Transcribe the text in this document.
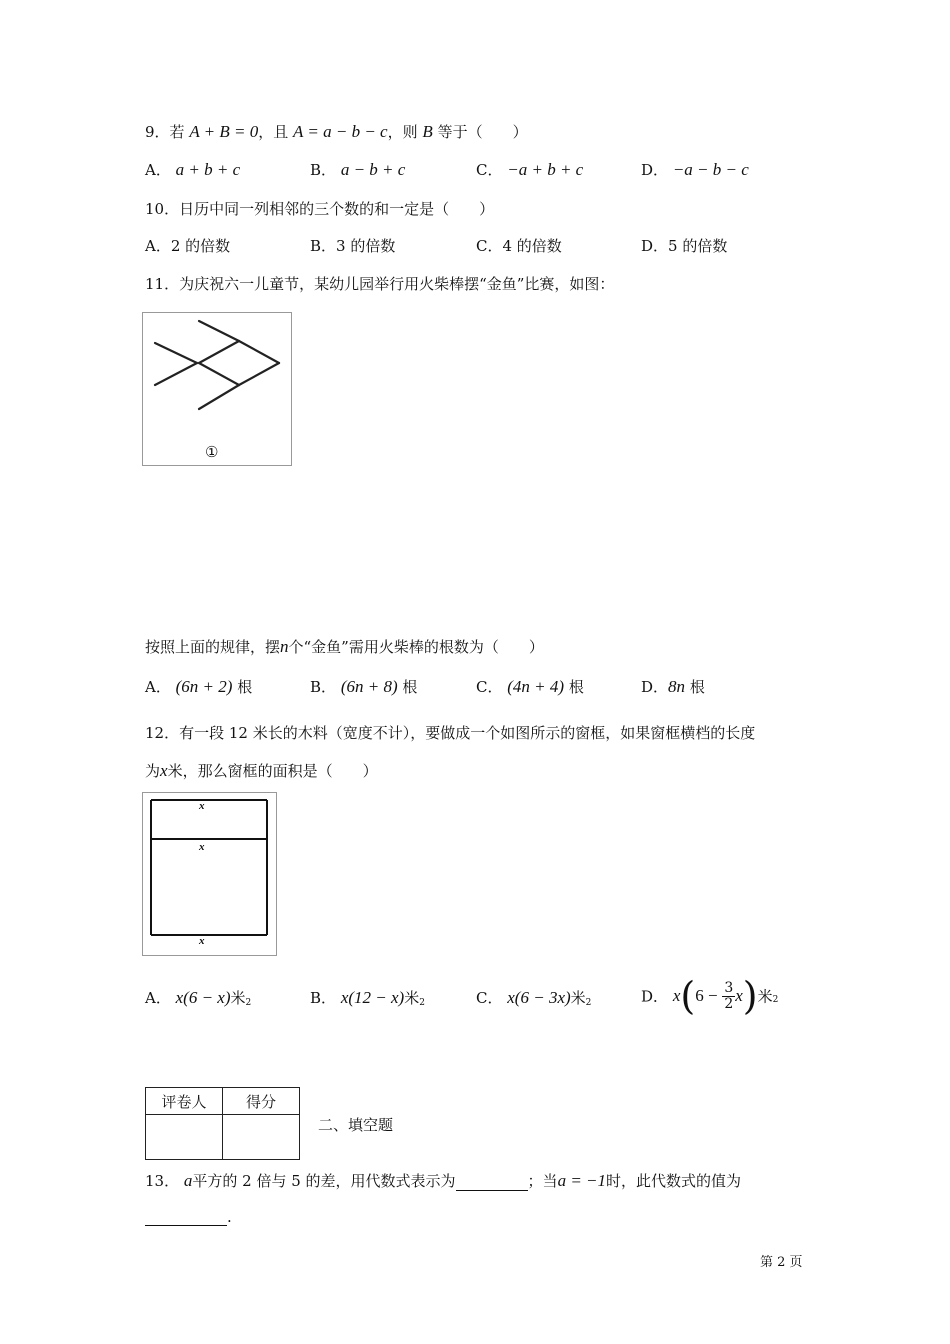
9．若 A + B = 0，且 A = a − b − c，则 B 等于（　　）
A． a + b + c	B． a − b + c	C． −a + b + c	D． −a − b − c
10．日历中同一列相邻的三个数的和一定是（　　）
A．2 的倍数	B．3 的倍数	C．4 的倍数	D．5 的倍数
11．为庆祝六一儿童节，某幼儿园举行用火柴棒摆“金鱼”比赛，如图：
①
按照上面的规律，摆n个“金鱼”需用火柴棒的根数为（　　）
A． (6n + 2) 根	B． (6n + 8) 根	C． (4n + 4) 根	D．8n 根
12．有一段 12 米长的木料（宽度不计），要做成一个如图所示的窗框，如果窗框横档的长度
为x米，那么窗框的面积是（　　）
x
x
x
A． x(6 − x)米$^2$	B． x(12 − x)米$^2$	C． x(6 − 3x)米$^2$	D． $x(6 - \frac{3}{2} x)$米$^2$
评卷人	得分

二、填空题
13． a平方的 2 倍与 5 的差，用代数式表示为	；当a = −1时，此代数式的值为
.
第 2 页
